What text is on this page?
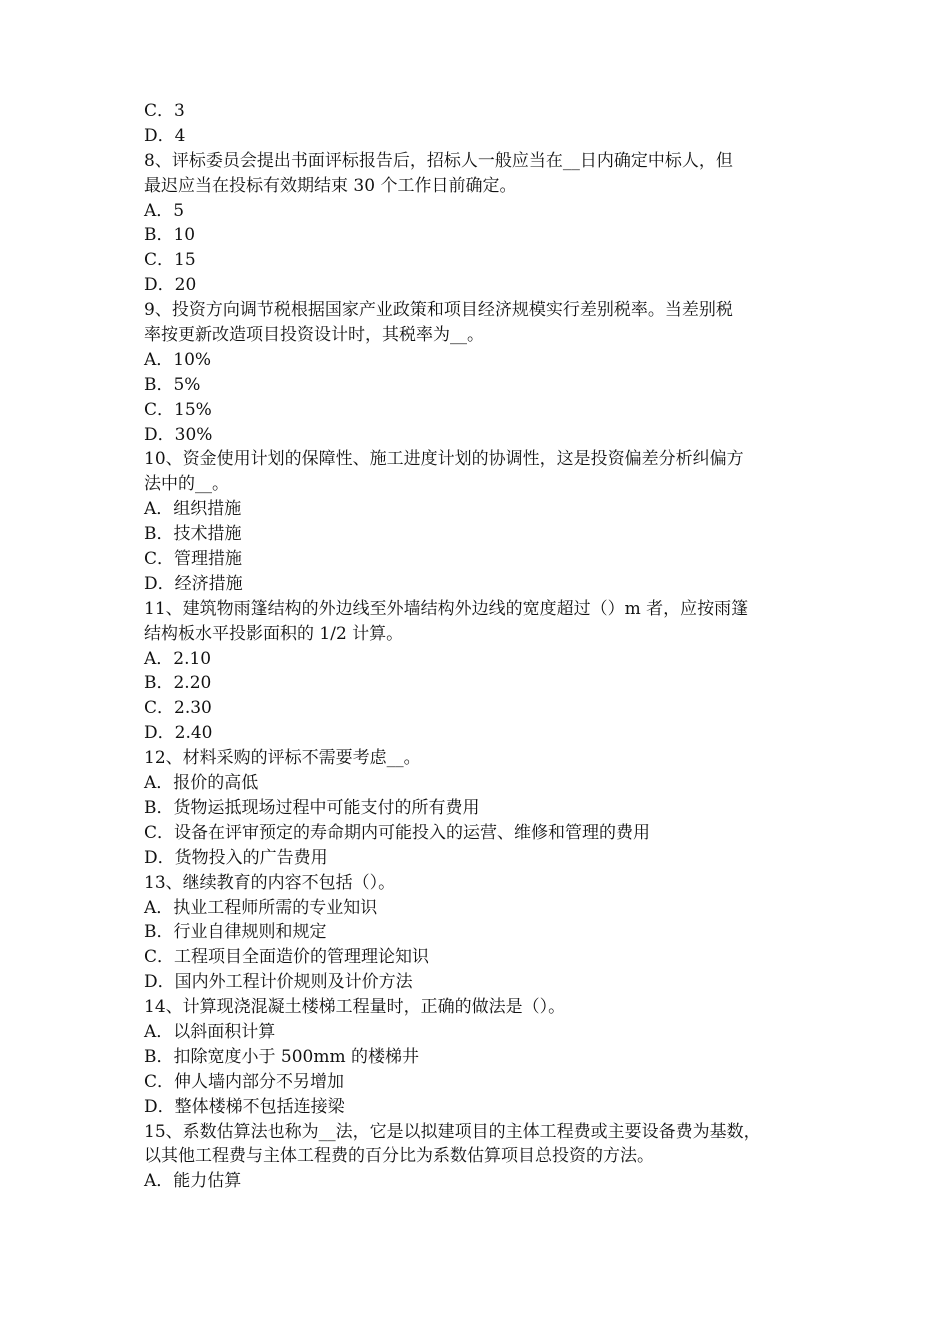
C．3
D．4
8、评标委员会提出书面评标报告后，招标人一般应当在__日内确定中标人，但
最迟应当在投标有效期结束 30 个工作日前确定。
A．5
B．10
C．15
D．20
9、投资方向调节税根据国家产业政策和项目经济规模实行差别税率。当差别税
率按更新改造项目投资设计时，其税率为__。
A．10%
B．5%
C．15%
D．30%
10、资金使用计划的保障性、施工进度计划的协调性，这是投资偏差分析纠偏方
法中的__。
A．组织措施
B．技术措施
C．管理措施
D．经济措施
11、建筑物雨篷结构的外边线至外墙结构外边线的宽度超过（）m 者，应按雨篷
结构板水平投影面积的 1/2 计算。
A．2.10
B．2.20
C．2.30
D．2.40
12、材料采购的评标不需要考虑__。
A．报价的高低
B．货物运抵现场过程中可能支付的所有费用
C．设备在评审预定的寿命期内可能投入的运营、维修和管理的费用
D．货物投入的广告费用
13、继续教育的内容不包括（）。
A．执业工程师所需的专业知识
B．行业自律规则和规定
C．工程项目全面造价的管理理论知识
D．国内外工程计价规则及计价方法
14、计算现浇混凝土楼梯工程量时，正确的做法是（）。
A．以斜面积计算
B．扣除宽度小于 500mm 的楼梯井
C．伸人墙内部分不另增加
D．整体楼梯不包括连接梁
15、系数估算法也称为__法，它是以拟建项目的主体工程费或主要设备费为基数，
以其他工程费与主体工程费的百分比为系数估算项目总投资的方法。
A．能力估算
